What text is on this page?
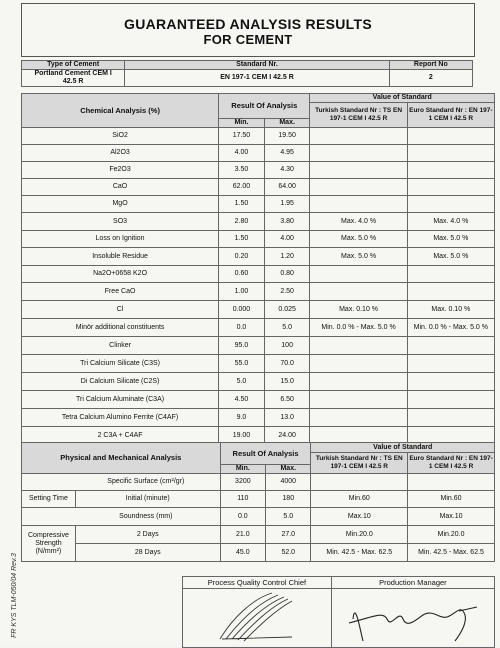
GUARANTEED ANALYSIS RESULTS
FOR CEMENT
Type of Cement	Standard Nr.	Report No
Portland Cement CEM I 42.5 R	EN 197-1 CEM I 42.5 R	2
Chemical Analysis (%)	Result Of Analysis		Value of Standard	
			Turkish Standard Nr : TS EN 197-1 CEM I 42.5 R	Euro Standard Nr : EN 197-1 CEM I 42.5 R
	Min.	Max.		
SiO2	17.50	19.50		
Al2O3	4.00	4.95		
Fe2O3	3.50	4.30		
CaO	62.00	64.00		
MgO	1.50	1.95		
SO3	2.80	3.80	Max. 4.0 %	Max. 4.0 %
Loss on Ignition	1.50	4.00	Max. 5.0 %	Max. 5.0 %
Insoluble Residue	0.20	1.20	Max. 5.0 %	Max. 5.0 %
Na2O+0658 K2O	0.60	0.80		
Free CaO	1.00	2.50		
Cl	0.000	0.025	Max. 0.10 %	Max. 0.10 %
Minör additional constituents	0.0	5.0	Min. 0.0 % - Max. 5.0 %	Min. 0.0 % - Max. 5.0 %
Clinker	95.0	100		
Tri Calcium Silicate (C3S)	55.0	70.0		
Di Calcium Silicate (C2S)	5.0	15.0		
Tri Calcium Aluminate (C3A)	4.50	6.50		
Tetra Calcium Alumino Ferrite (C4AF)	9.0	13.0		
2 C3A + C4AF	19.00	24.00		
Physical and Mechanical Analysis		Result Of Analysis		Value of Standard	
				Turkish Standard Nr : TS EN 197-1 CEM I 42.5 R	Euro Standard Nr : EN 197-1 CEM I 42.5 R
		Min.	Max.		
Specific Surface (cm²/gr)		3200	4000		
Setting Time	Initial (minute)	110	180	Min.60	Min.60
Soundness (mm)		0.0	5.0	Max.10	Max.10
Compressive Strength (N/mm²)	2 Days	21.0	27.0	Min.20.0	Min.20.0
	28 Days	45.0	52.0	Min. 42.5 - Max. 62.5	Min. 42.5 - Max. 62.5
Process Quality Control Chief	Production Manager

FR KYS TLM-050/04 Rev.3
